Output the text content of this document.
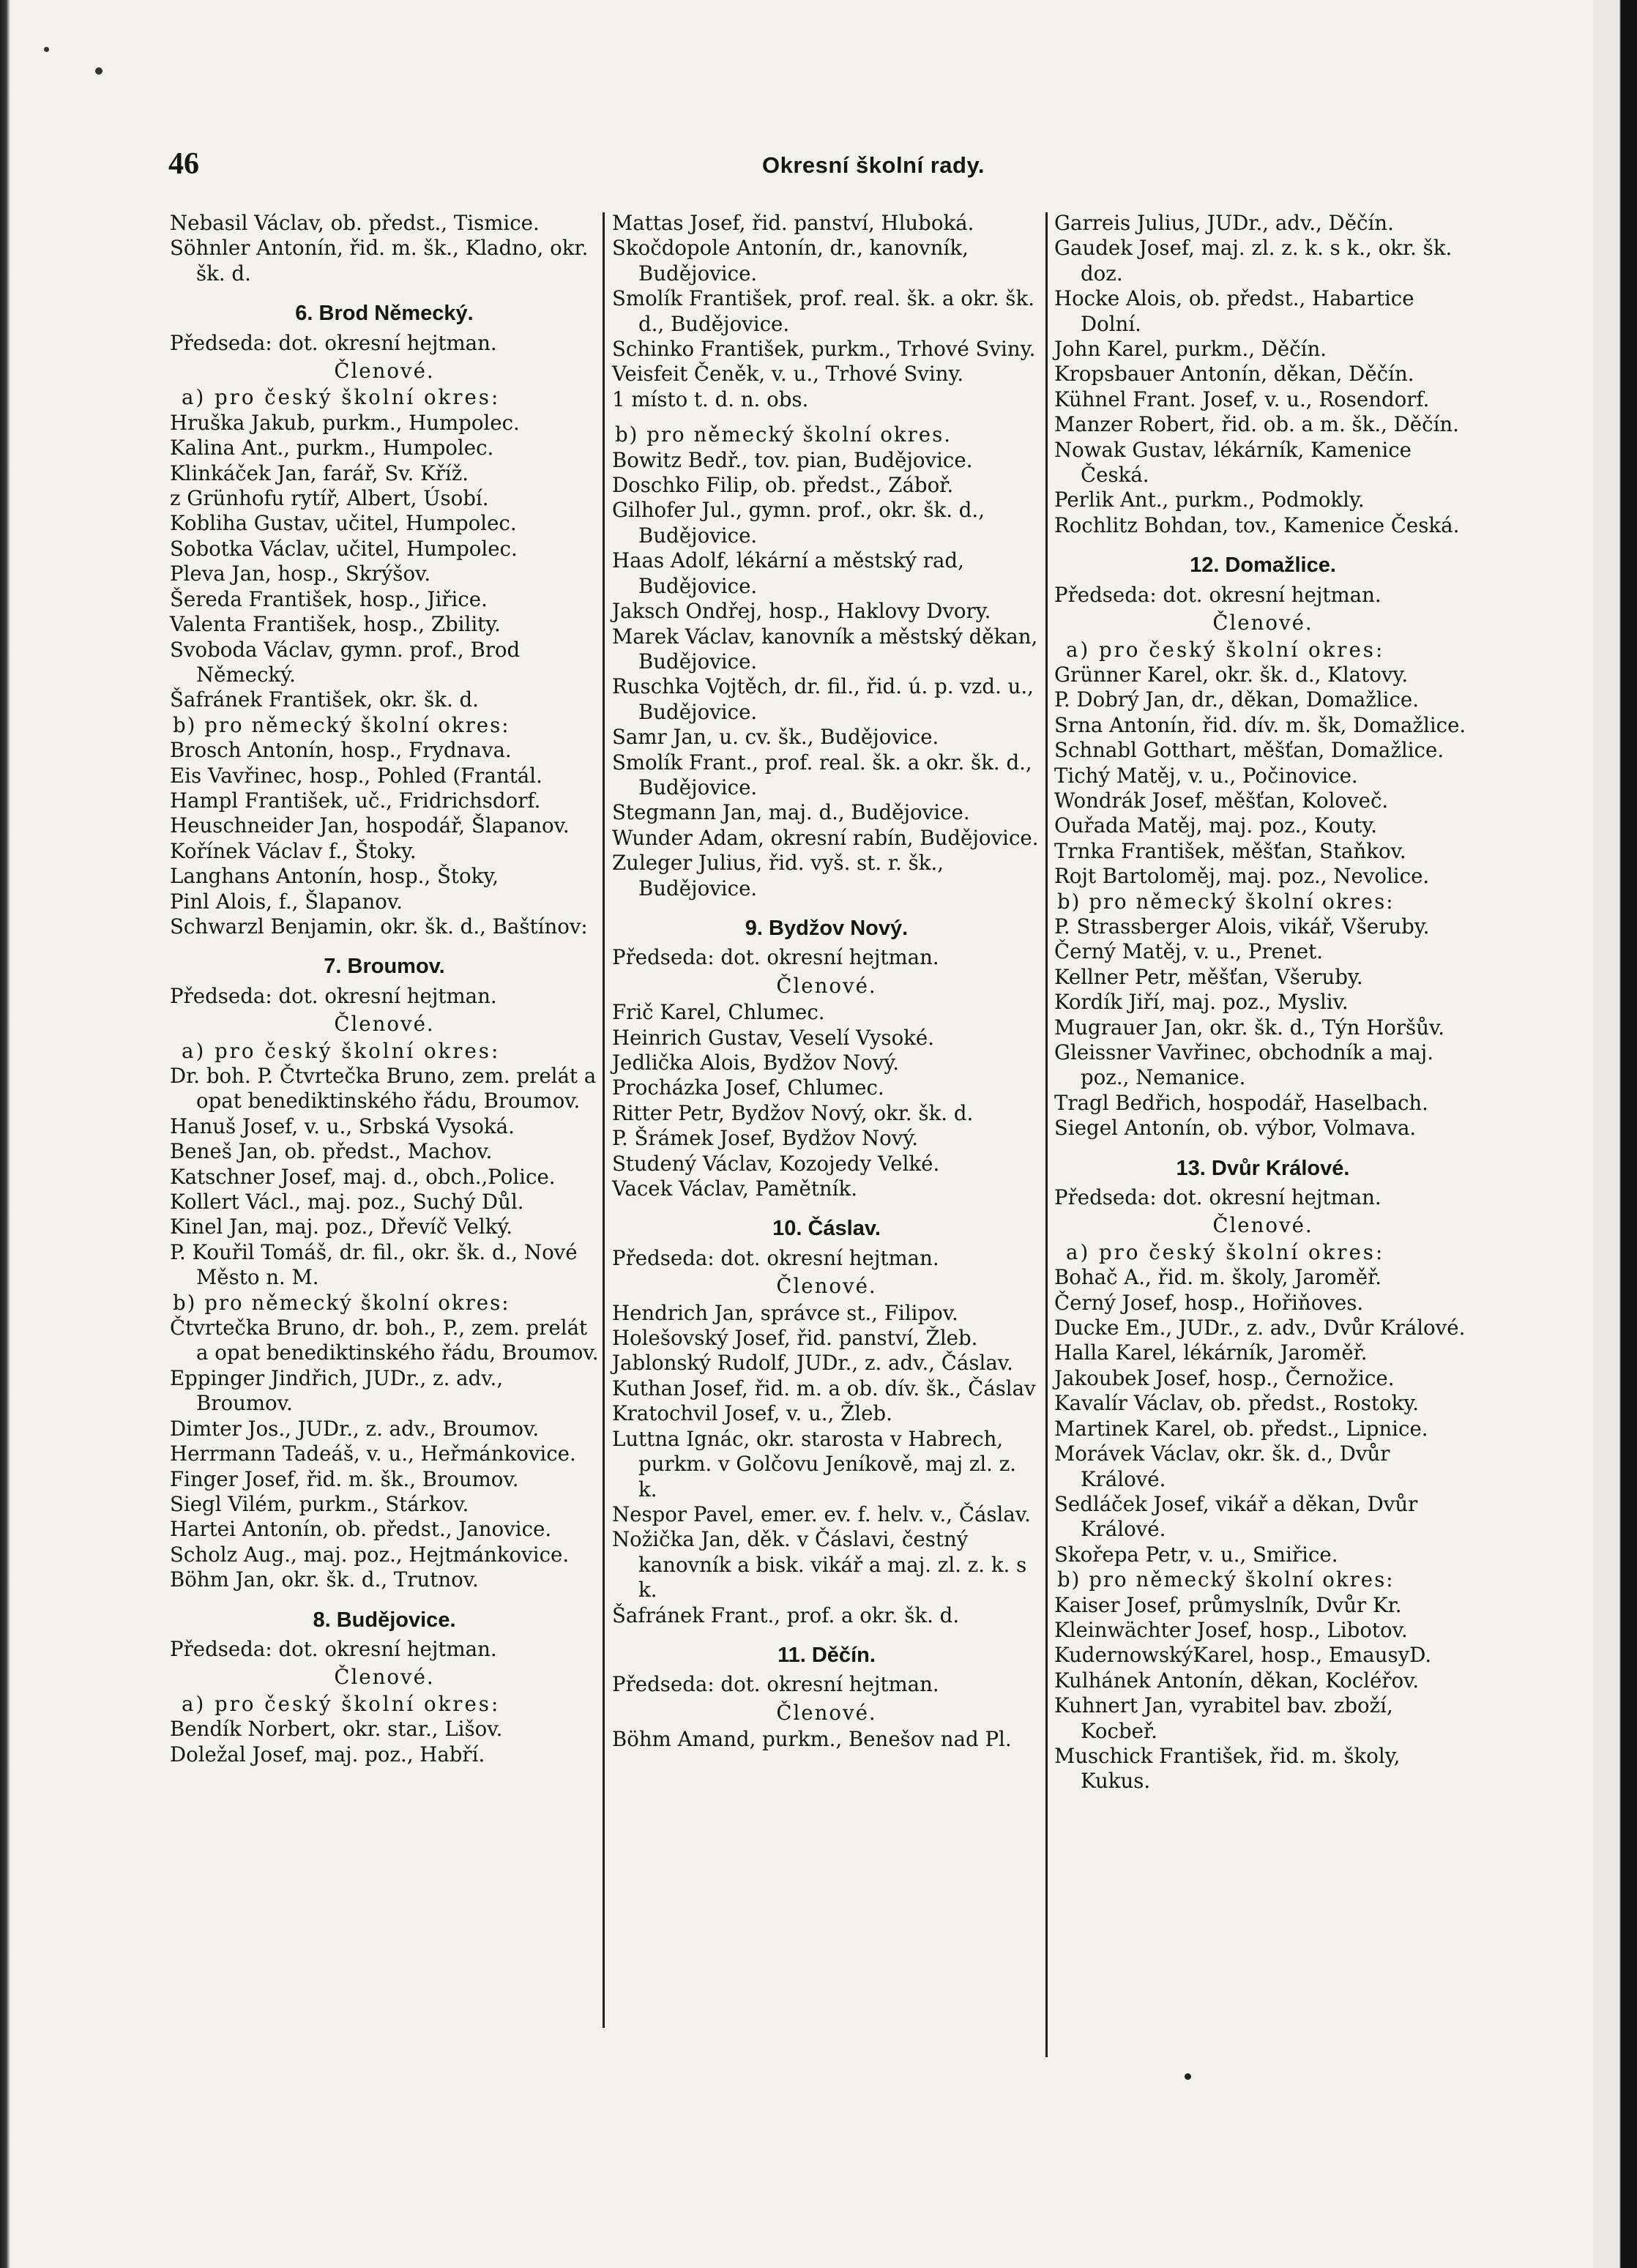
46	Okresní školní rady.
Nebasil Václav, ob. předst., Tismice.
Söhnler Antonín, řid. m. šk., Kladno, okr. šk. d.
6. Brod Německý.
Předseda: dot. okresní hejtman.
Členové.
a) pro český školní okres:
Hruška Jakub, purkm., Humpolec.
Kalina Ant., purkm., Humpolec.
Klinkáček Jan, farář, Sv. Kříž.
z Grünhofu rytíř, Albert, Úsobí.
Kobliha Gustav, učitel, Humpolec.
Sobotka Václav, učitel, Humpolec.
Pleva Jan, hosp., Skrýšov.
Šereda František, hosp., Jiřice.
Valenta František, hosp., Zbility.
Svoboda Václav, gymn. prof., Brod Německý.
Šafránek František, okr. šk. d.
b) pro německý školní okres:
Brosch Antonín, hosp., Frydnava.
Eis Vavřinec, hosp., Pohled (Frantál.
Hampl František, uč., Fridrichsdorf.
Heuschneider Jan, hospodář, Šlapanov.
Kořínek Václav f., Štoky.
Langhans Antonín, hosp., Štoky,
Pinl Alois, f., Šlapanov.
Schwarzl Benjamin, okr. šk. d., Baštínov:
7. Broumov.
Předseda: dot. okresní hejtman.
Členové.
a) pro český školní okres:
Dr. boh. P. Čtvrtečka Bruno, zem. prelát a opat benediktinského řádu, Broumov.
Hanuš Josef, v. u., Srbská Vysoká.
Beneš Jan, ob. předst., Machov.
Katschner Josef, maj. d., obch.,Police.
Kollert Václ., maj. poz., Suchý Důl.
Kinel Jan, maj. poz., Dřevíč Velký.
P. Kouřil Tomáš, dr. fil., okr. šk. d., Nové Město n. M.
b) pro německý školní okres:
Čtvrtečka Bruno, dr. boh., P., zem. prelát a opat benediktinského řádu, Broumov.
Eppinger Jindřich, JUDr., z. adv., Broumov.
Dimter Jos., JUDr., z. adv., Broumov.
Herrmann Tadeáš, v. u., Heřmánkovice.
Finger Josef, řid. m. šk., Broumov.
Siegl Vilém, purkm., Stárkov.
Hartei Antonín, ob. předst., Janovice.
Scholz Aug., maj. poz., Hejtmánkovice.
Böhm Jan, okr. šk. d., Trutnov.
8. Budějovice.
Předseda: dot. okresní hejtman.
Členové.
a) pro český školní okres:
Bendík Norbert, okr. star., Lišov.
Doležal Josef, maj. poz., Habří.
Mattas Josef, řid. panství, Hluboká.
Skočdopole Antonín, dr., kanovník, Budějovice.
Smolík František, prof. real. šk. a okr. šk. d., Budějovice.
Schinko František, purkm., Trhové Sviny.
Veisfeit Čeněk, v. u., Trhové Sviny.
1 místo t. d. n. obs.
b) pro německý školní okres.
Bowitz Bedř., tov. pian, Budějovice.
Doschko Filip, ob. předst., Záboř.
Gilhofer Jul., gymn. prof., okr. šk. d., Budějovice.
Haas Adolf, lékární a městský rad, Budějovice.
Jaksch Ondřej, hosp., Haklovy Dvory.
Marek Václav, kanovník a městský děkan, Budějovice.
Ruschka Vojtěch, dr. fil., řid. ú. p. vzd. u., Budějovice.
Samr Jan, u. cv. šk., Budějovice.
Smolík Frant., prof. real. šk. a okr. šk. d., Budějovice.
Stegmann Jan, maj. d., Budějovice.
Wunder Adam, okresní rabín, Budějovice.
Zuleger Julius, řid. vyš. st. r. šk., Budějovice.
9. Bydžov Nový.
Předseda: dot. okresní hejtman.
Členové.
Frič Karel, Chlumec.
Heinrich Gustav, Veselí Vysoké.
Jedlička Alois, Bydžov Nový.
Procházka Josef, Chlumec.
Ritter Petr, Bydžov Nový, okr. šk. d.
P. Šrámek Josef, Bydžov Nový.
Studený Václav, Kozojedy Velké.
Vacek Václav, Pamětník.
10. Čáslav.
Předseda: dot. okresní hejtman.
Členové.
Hendrich Jan, správce st., Filipov.
Holešovský Josef, řid. panství, Žleb.
Jablonský Rudolf, JUDr., z. adv., Čáslav.
Kuthan Josef, řid. m. a ob. dív. šk., Čáslav
Kratochvil Josef, v. u., Žleb.
Luttna Ignác, okr. starosta v Habrech, purkm. v Golčovu Jeníkově, maj zl. z. k.
Nespor Pavel, emer. ev. f. helv. v., Čáslav.
Nožička Jan, děk. v Čáslavi, čestný kanovník a bisk. vikář a maj. zl. z. k. s k.
Šafránek Frant., prof. a okr. šk. d.
11. Děčín.
Předseda: dot. okresní hejtman.
Členové.
Böhm Amand, purkm., Benešov nad Pl.
Garreis Julius, JUDr., adv., Děčín.
Gaudek Josef, maj. zl. z. k. s k., okr. šk. doz.
Hocke Alois, ob. předst., Habartice Dolní.
John Karel, purkm., Děčín.
Kropsbauer Antonín, děkan, Děčín.
Kühnel Frant. Josef, v. u., Rosendorf.
Manzer Robert, řid. ob. a m. šk., Děčín.
Nowak Gustav, lékárník, Kamenice Česká.
Perlik Ant., purkm., Podmokly.
Rochlitz Bohdan, tov., Kamenice Česká.
12. Domažlice.
Předseda: dot. okresní hejtman.
Členové.
a) pro český školní okres:
Grünner Karel, okr. šk. d., Klatovy.
P. Dobrý Jan, dr., děkan, Domažlice.
Srna Antonín, řid. dív. m. šk, Domažlice.
Schnabl Gotthart, měšťan, Domažlice.
Tichý Matěj, v. u., Počinovice.
Wondrák Josef, měšťan, Koloveč.
Ouřada Matěj, maj. poz., Kouty.
Trnka František, měšťan, Staňkov.
Rojt Bartoloměj, maj. poz., Nevolice.
b) pro německý školní okres:
P. Strassberger Alois, vikář, Všeruby.
Černý Matěj, v. u., Prenet.
Kellner Petr, měšťan, Všeruby.
Kordík Jiří, maj. poz., Mysliv.
Mugrauer Jan, okr. šk. d., Týn Horšův.
Gleissner Vavřinec, obchodník a maj. poz., Nemanice.
Tragl Bedřich, hospodář, Haselbach.
Siegel Antonín, ob. výbor, Volmava.
13. Dvůr Králové.
Předseda: dot. okresní hejtman.
Členové.
a) pro český školní okres:
Bohač A., řid. m. školy, Jaroměř.
Černý Josef, hosp., Hořiňoves.
Ducke Em., JUDr., z. adv., Dvůr Králové.
Halla Karel, lékárník, Jaroměř.
Jakoubek Josef, hosp., Černožice.
Kavalír Václav, ob. předst., Rostoky.
Martinek Karel, ob. předst., Lipnice.
Morávek Václav, okr. šk. d., Dvůr Králové.
Sedláček Josef, vikář a děkan, Dvůr Králové.
Skořepa Petr, v. u., Smiřice.
b) pro německý školní okres:
Kaiser Josef, průmyslník, Dvůr Kr.
Kleinwächter Josef, hosp., Libotov.
KudernowskýKarel, hosp., EmausyD.
Kulhánek Antonín, děkan, Kocléřov.
Kuhnert Jan, vyrabitel bav. zboží, Kocbeř.
Muschick František, řid. m. školy, Kukus.
